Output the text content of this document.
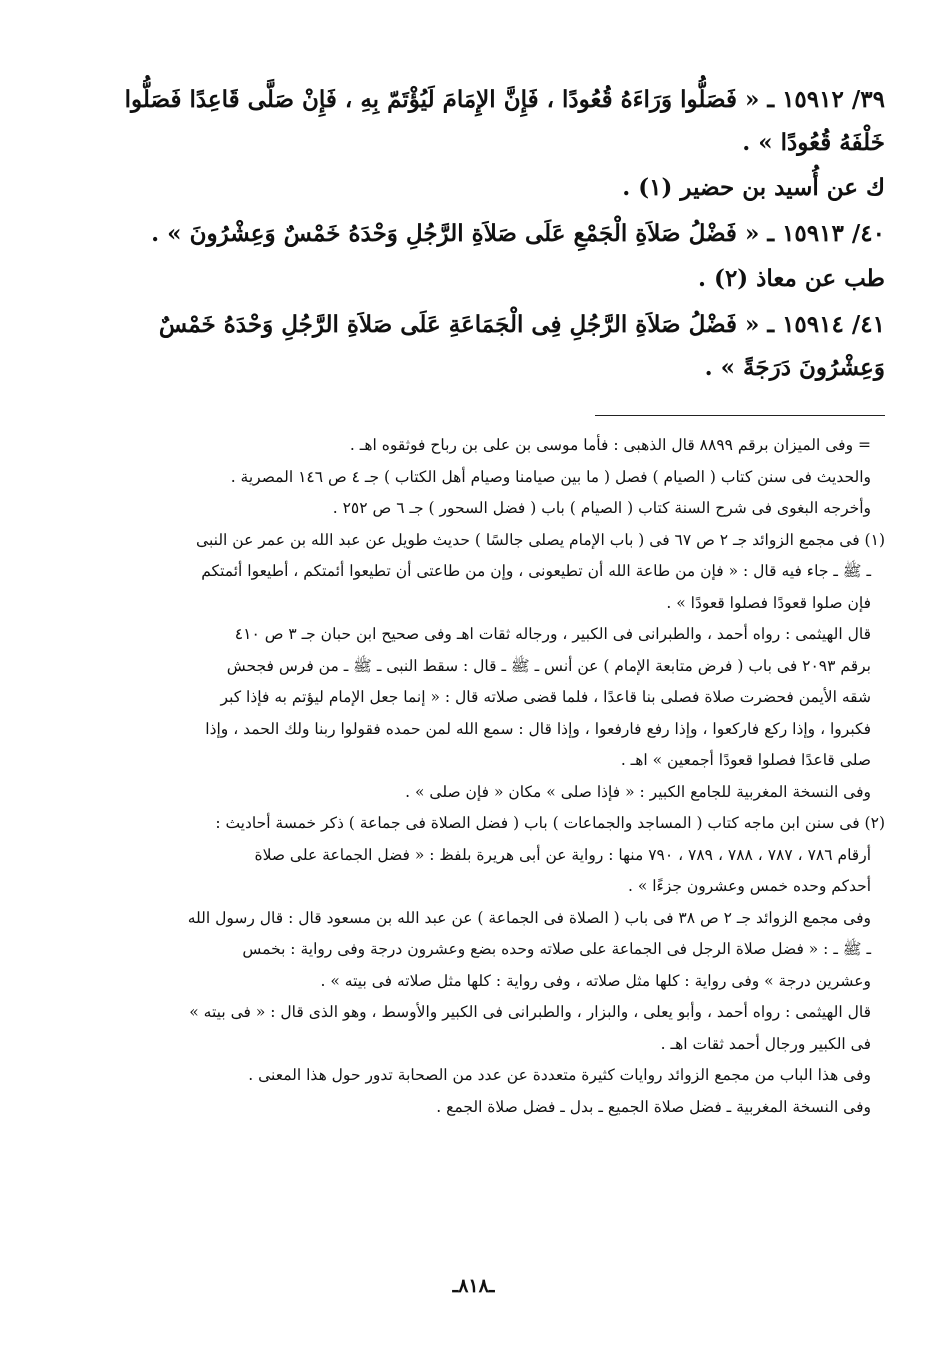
٣٩/ ١٥٩١٢ ـ « فَصَلُّوا وَرَاءَهُ قُعُودًا ، فَإِنَّ الإِمَامَ لَيُؤْتَمّ بِهِ ، فَإِنْ صَلَّى قَاعِدًا فَصَلُّوا
خَلْفَهُ قُعُودًا » .

ك عن أُسيد بن حضير (١) .

٤٠/ ١٥٩١٣ ـ « فَضْلُ صَلاَةِ الْجَمْعِ عَلَى صَلاَةِ الرَّجُلِ وَحْدَهُ خَمْسٌ وَعِشْرُونَ » .

طب عن معاذ (٢) .

٤١/ ١٥٩١٤ ـ « فَضْلُ صَلاَةِ الرَّجُلِ فِى الْجَمَاعَةِ عَلَى صَلاَةِ الرَّجُلِ وَحْدَهُ خَمْسٌ
وَعِشْرُونَ دَرَجَةً » .

= وفى الميزان برقم ٨٨٩٩ قال الذهبى : فأما موسى بن على بن رباح فوثقوه اهـ .

والحديث فى سنن كتاب ( الصيام ) فصل ( ما بين صيامنا وصيام أهل الكتاب ) جـ ٤ ص ١٤٦ المصرية .

وأخرجه البغوى فى شرح السنة كتاب ( الصيام ) باب ( فضل السحور ) جـ ٦ ص ٢٥٢ .

(١) فى مجمع الزوائد جـ ٢ ص ٦٧ فى ( باب الإمام يصلى جالسًا ) حديث طويل عن عبد الله بن عمر عن النبى

ـ ﷺ ـ جاء فيه قال : « فإن من طاعة الله أن تطيعونى ، وإن من طاعتى أن تطيعوا أئمتكم ، أطيعوا أئمتكم

فإن صلوا قعودًا فصلوا قعودًا » .

قال الهيثمى : رواه أحمد ، والطبرانى فى الكبير ، ورجاله ثقات اهـ وفى صحيح ابن حبان جـ ٣ ص ٤١٠

برقم ٢٠٩٣ فى باب ( فرض متابعة الإمام ) عن أنس ـ ﷺ ـ قال : سقط النبى ـ ﷺ ـ من فرس فجحش

شقه الأيمن فحضرت صلاة فصلى بنا قاعدًا ، فلما قضى صلاته قال : « إنما جعل الإمام ليؤتم به فإذا كبر

فكبروا ، وإذا ركع فاركعوا ، وإذا رفع فارفعوا ، وإذا قال : سمع الله لمن حمده فقولوا ربنا ولك الحمد ، وإذا

صلى قاعدًا فصلوا قعودًا أجمعين » اهـ .

وفى النسخة المغربية للجامع الكبير : « فإذا صلى » مكان « فإن صلى » .

(٢) فى سنن ابن ماجه كتاب ( المساجد والجماعات ) باب ( فضل الصلاة فى جماعة ) ذكر خمسة أحاديث :

أرقام ٧٨٦ ، ٧٨٧ ، ٧٨٨ ، ٧٨٩ ، ٧٩٠ منها : رواية عن أبى هريرة بلفظ : « فضل الجماعة على صلاة

أحدكم وحده خمس وعشرون جزءًا » .

وفى مجمع الزوائد جـ ٢ ص ٣٨ فى باب ( الصلاة فى الجماعة ) عن عبد الله بن مسعود قال : قال رسول الله

ـ ﷺ ـ : « فضل صلاة الرجل فى الجماعة على صلاته وحده بضع وعشرون درجة وفى رواية : بخمس

وعشرين درجة » وفى رواية : كلها مثل صلاته ، وفى رواية : كلها مثل صلاته فى بيته » .

قال الهيثمى : رواه أحمد ، وأبو يعلى ، والبزار ، والطبرانى فى الكبير والأوسط ، وهو الذى قال : « فى بيته »

فى الكبير ورجال أحمد ثقات اهـ .

وفى هذا الباب من مجمع الزوائد روايات كثيرة متعددة عن عدد من الصحابة تدور حول هذا المعنى .

وفى النسخة المغربية ـ فضل صلاة الجميع ـ بدل ـ فضل صلاة الجمع .

ـ٨١٨ـ
